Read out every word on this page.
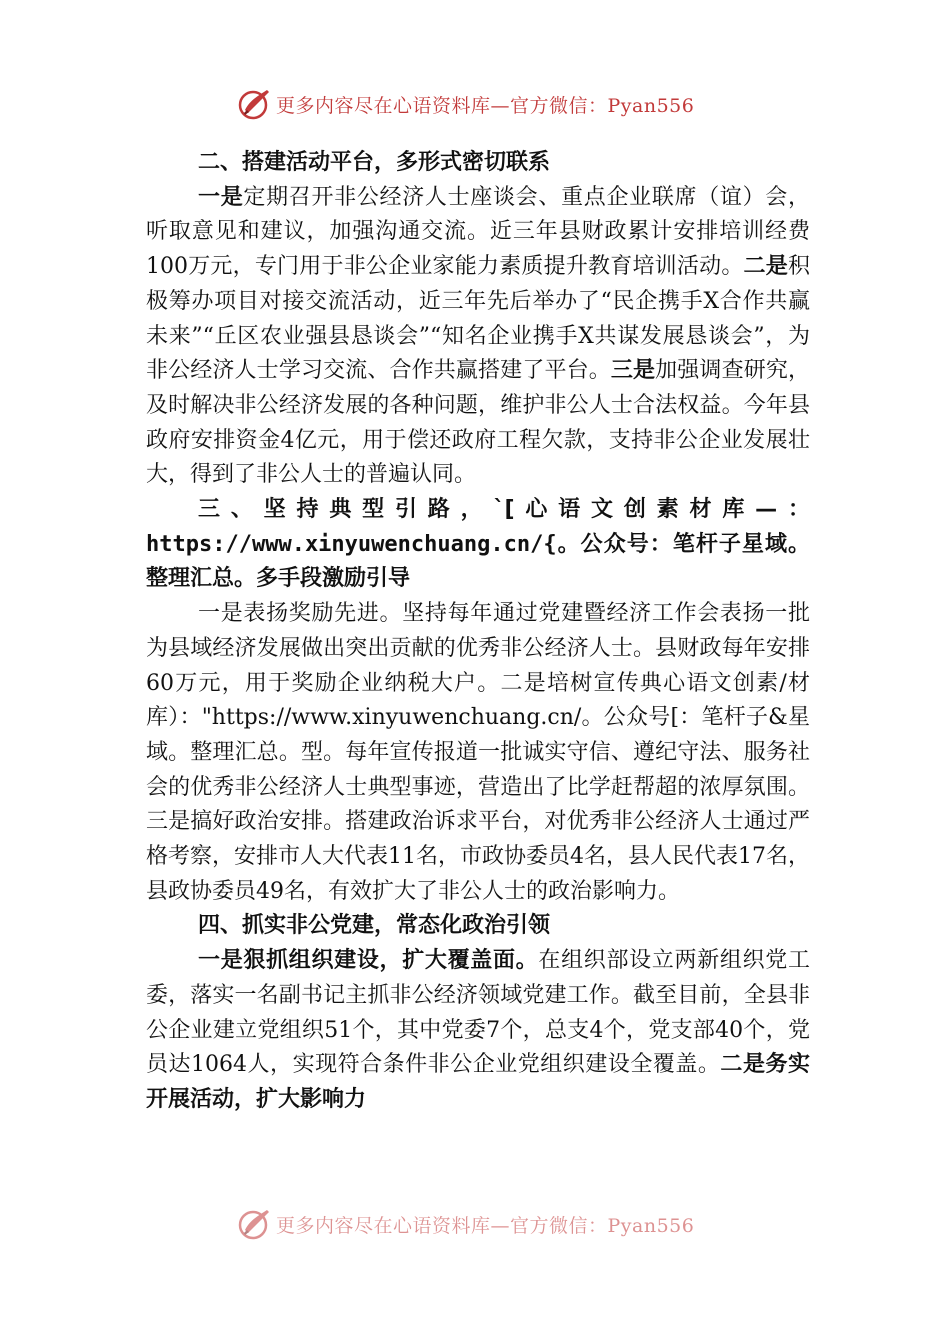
更多内容尽在心语资料库—官方微信：Pyan556

二、搭建活动平台，多形式密切联系

一是定期召开非公经济人士座谈会、重点企业联席（谊）会，听取意见和建议，加强沟通交流。近三年县财政累计安排培训经费100万元，专门用于非公企业家能力素质提升教育培训活动。二是积极筹办项目对接交流活动，近三年先后举办了“民企携手X合作共赢未来”“丘区农业强县恳谈会”“知名企业携手X共谋发展恳谈会”，为非公经济人士学习交流、合作共赢搭建了平台。三是加强调查研究，及时解决非公经济发展的各种问题，维护非公人士合法权益。今年县政府安排资金4亿元，用于偿还政府工程欠款，支持非公企业发展壮大，得到了非公人士的普遍认同。

三、坚持典型引路，`[心语文创素材库—：https://www.xinyuwenchuang.cn/{。公众号：笔杆子星域。整理汇总。多手段激励引导

一是表扬奖励先进。坚持每年通过党建暨经济工作会表扬一批为县域经济发展做出突出贡献的优秀非公经济人士。县财政每年安排60万元，用于奖励企业纳税大户。二是培树宣传典心语文创素/材库）："https://www.xinyuwenchuang.cn/。公众号[：笔杆子&星域。整理汇总。型。每年宣传报道一批诚实守信、遵纪守法、服务社会的优秀非公经济人士典型事迹，营造出了比学赶帮超的浓厚氛围。三是搞好政治安排。搭建政治诉求平台，对优秀非公经济人士通过严格考察，安排市人大代表11名，市政协委员4名，县人民代表17名，县政协委员49名，有效扩大了非公人士的政治影响力。

四、抓实非公党建，常态化政治引领

一是狠抓组织建设，扩大覆盖面。在组织部设立两新组织党工委，落实一名副书记主抓非公经济领域党建工作。截至目前，全县非公企业建立党组织51个，其中党委7个，总支4个，党支部40个，党员达1064人，实现符合条件非公企业党组织建设全覆盖。二是务实开展活动，扩大影响力

更多内容尽在心语资料库—官方微信：Pyan556
